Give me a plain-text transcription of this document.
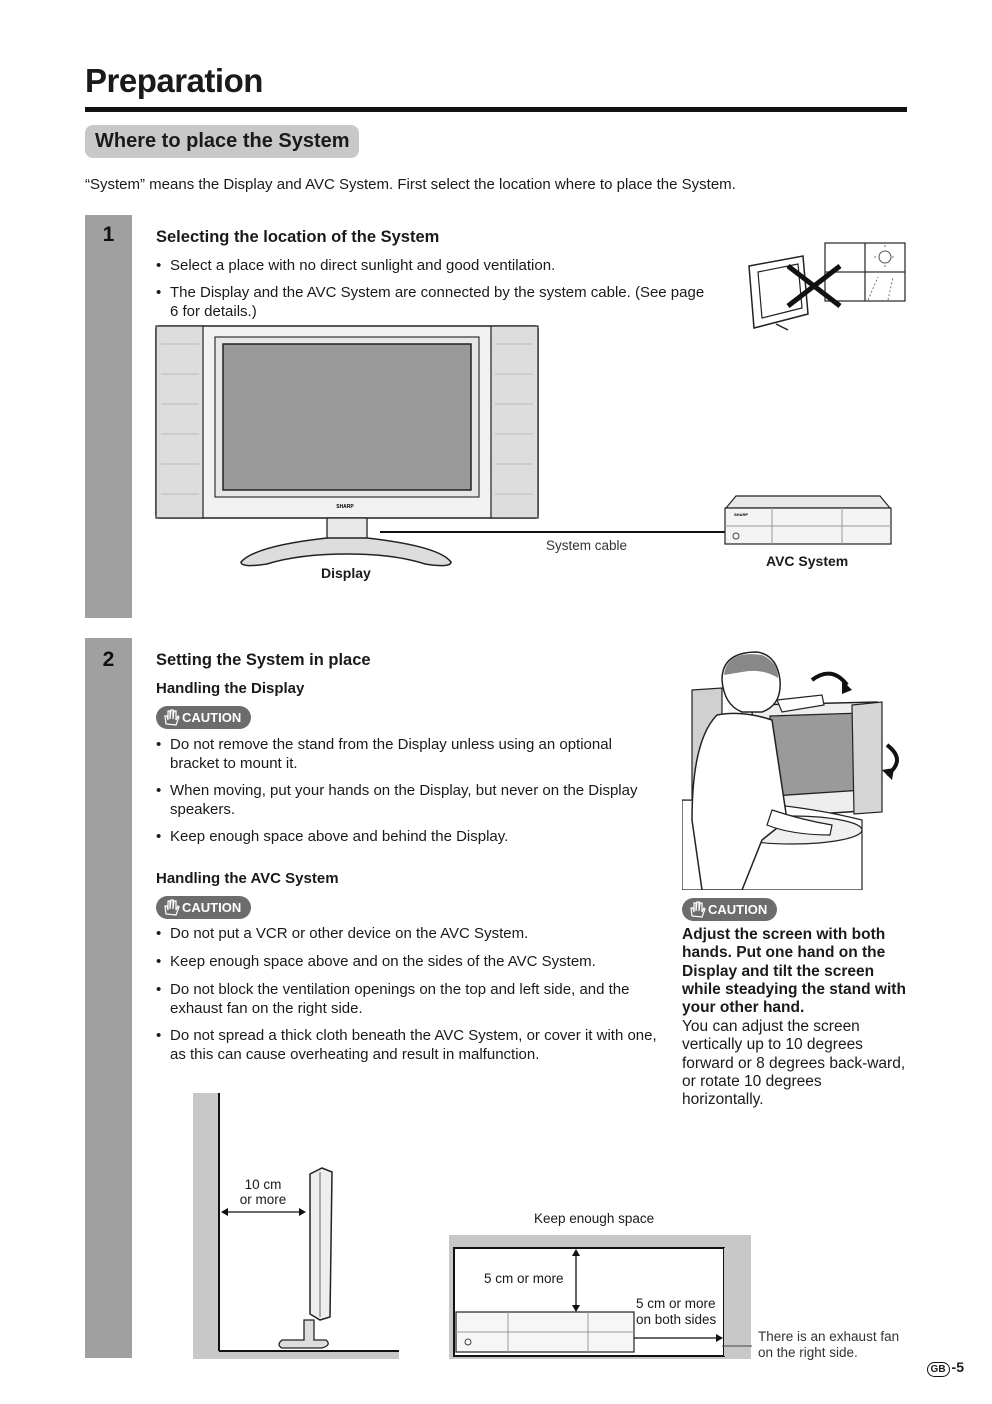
Preparation
Where to place the System
“System” means the Display and AVC System. First select the location where to place the System.
1	Selecting the location of the System
• Select a place with no direct sunlight and good ventilation.
• The Display and the AVC System are connected by the system cable. (See page 6 for details.)
SHARP
Display
System cable
SHARP
AVC System
2	Setting the System in place
Handling the Display
CAUTION
• Do not remove the stand from the Display unless using an optional bracket to mount it.
• When moving, put your hands on the Display, but never on the Display speakers.
• Keep enough space above and behind the Display.
Handling the AVC System
CAUTION
• Do not put a VCR or other device on the AVC System.
• Keep enough space above and on the sides of the AVC System.
• Do not block the ventilation openings on the top and left side, and the exhaust fan on the right side.
• Do not spread a thick cloth beneath the AVC System, or cover it with one, as this can cause overheating and result in malfunction.
CAUTION
Adjust the screen with both hands. Put one hand on the Display and tilt the screen while steadying the stand with your other hand.
You can adjust the screen vertically up to 10 degrees forward or 8 degrees back-ward, or rotate 10 degrees horizontally.
10 cm
or more
Keep enough space
5 cm or more
5 cm or more
on both sides
There is an exhaust fan
on the right side.
GB -5
